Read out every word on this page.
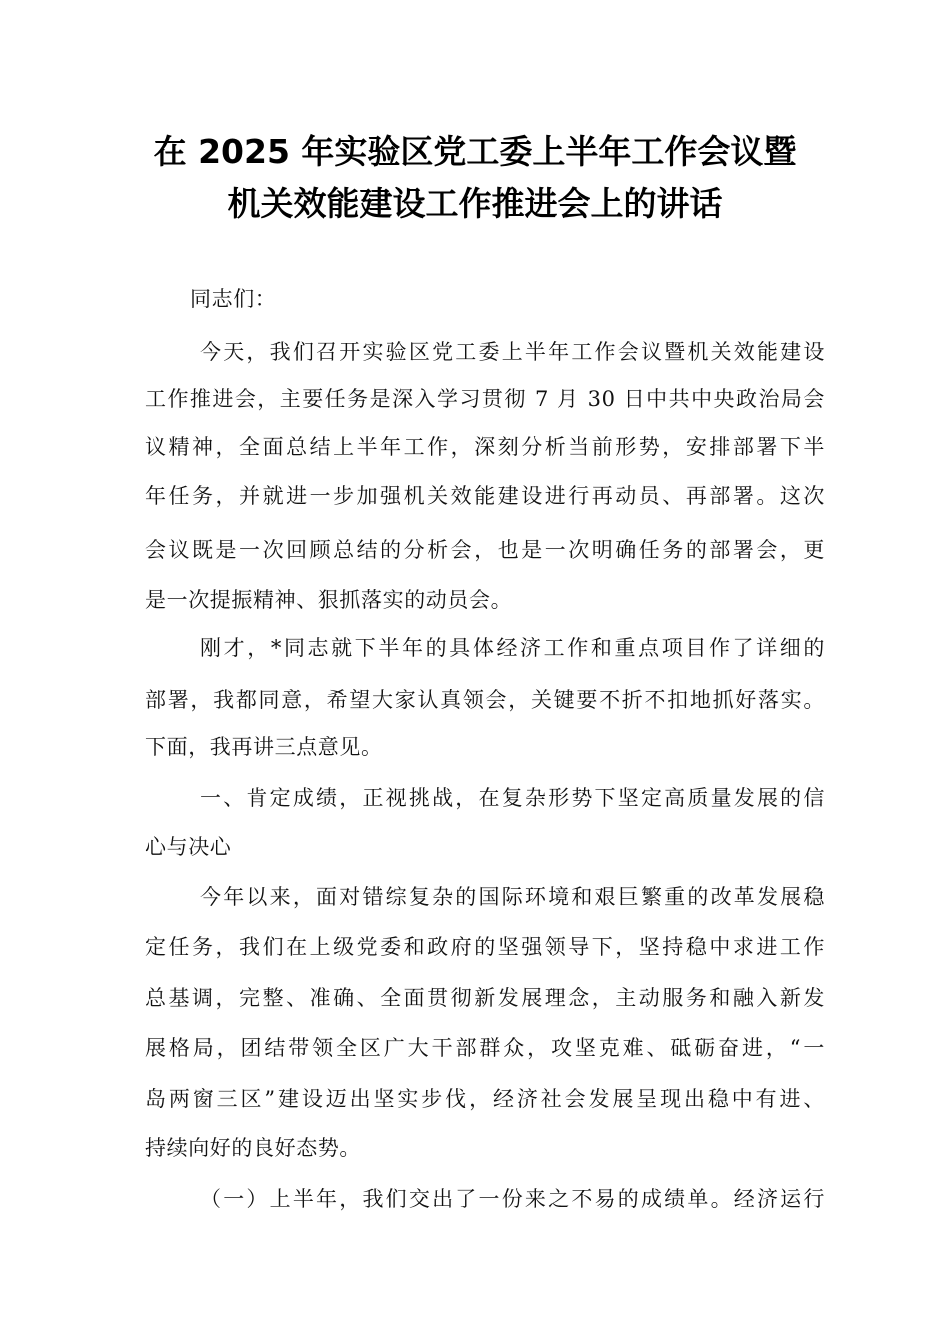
在 2025 年实验区党工委上半年工作会议暨
机关效能建设工作推进会上的讲话

同志们：

今天，我们召开实验区党工委上半年工作会议暨机关效能建设

工作推进会，主要任务是深入学习贯彻 7 月 30 日中共中央政治局会

议精神，全面总结上半年工作，深刻分析当前形势，安排部署下半

年任务，并就进一步加强机关效能建设进行再动员、再部署。这次

会议既是一次回顾总结的分析会，也是一次明确任务的部署会，更

是一次提振精神、狠抓落实的动员会。

刚才，*同志就下半年的具体经济工作和重点项目作了详细的

部署，我都同意，希望大家认真领会，关键要不折不扣地抓好落实。

下面，我再讲三点意见。

一、肯定成绩，正视挑战，在复杂形势下坚定高质量发展的信

心与决心

今年以来，面对错综复杂的国际环境和艰巨繁重的改革发展稳

定任务，我们在上级党委和政府的坚强领导下，坚持稳中求进工作

总基调，完整、准确、全面贯彻新发展理念，主动服务和融入新发

展格局，团结带领全区广大干部群众，攻坚克难、砥砺奋进，“一

岛两窗三区”建设迈出坚实步伐，经济社会发展呈现出稳中有进、

持续向好的良好态势。

（一）上半年，我们交出了一份来之不易的成绩单。经济运行
